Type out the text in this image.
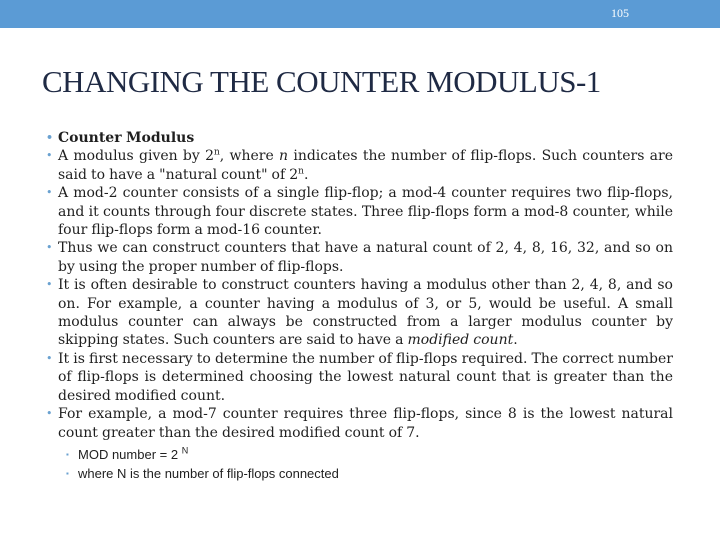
105
CHANGING THE COUNTER MODULUS-1
• Counter Modulus
• A modulus given by 2$^n$, where n indicates the number of flip-flops. Such counters are said to have a "natural count" of 2$^n$.
• A mod-2 counter consists of a single flip-flop; a mod-4 counter requires two flip-flops, and it counts through four discrete states. Three flip-flops form a mod-8 counter, while four flip-flops form a mod-16 counter.
• Thus we can construct counters that have a natural count of 2, 4, 8, 16, 32, and so on by using the proper number of flip-flops.
• It is often desirable to construct counters having a modulus other than 2, 4, 8, and so on. For example, a counter having a modulus of 3, or 5, would be useful. A small modulus counter can always be constructed from a larger modulus counter by skipping states. Such counters are said to have a modified count.
• It is first necessary to determine the number of flip-flops required. The correct number of flip-flops is determined choosing the lowest natural count that is greater than the desired modified count.
• For example, a mod-7 counter requires three flip-flops, since 8 is the lowest natural count greater than the desired modified count of 7.
▪ MOD number = 2 $^N$
▪ where N is the number of flip-flops connected
